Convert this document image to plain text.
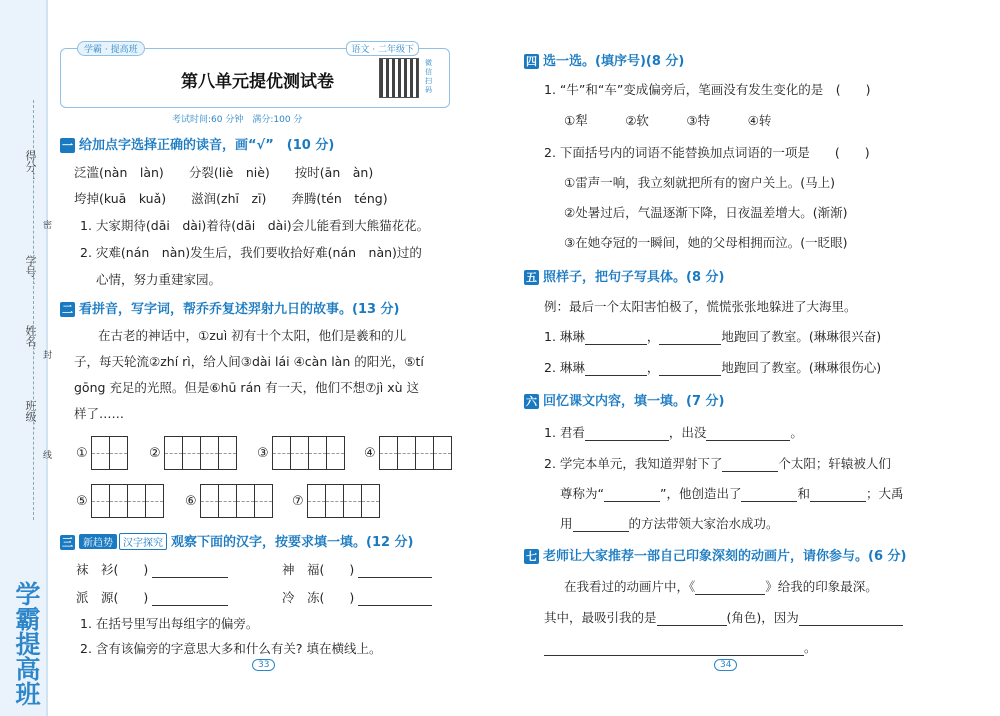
得分：
学号：
姓名：
班级：
密
封
线
学霸提高班
学霸 · 提高班	语文 · 二年级下
第八单元提优测试卷
微信扫码
考试时间:60 分钟　满分:100 分
一 给加点字选择正确的读音，画“√”　(10 分)
泛滥(nàn　làn)　　分裂(liè　niè)　　按时(ān　àn)
垮掉(kuā　kuǎ)　　滋润(zhī　zī)　　奔腾(tén　téng)
1. 大家期待(dāi　dài)着待(dāi　dài)会儿能看到大熊猫花花。
2. 灾难(nán　nàn)发生后，我们要收拾好难(nán　nàn)过的
心情，努力重建家园。
二 看拼音，写字词，帮乔乔复述羿射九日的故事。(13 分)
在古老的神话中，①zuì 初有十个太阳，他们是羲和的儿
子，每天轮流②zhí rì，给人间③dài lái ④càn làn 的阳光，⑤tí
gōng 充足的光照。但是⑥hū rán 有一天，他们不想⑦jì xù 这
样了……
①	②	③	④
⑤	⑥	⑦
三 新趋势 汉字探究 观察下面的汉字，按要求填一填。(12 分)
袜　衫(　　)	神　福(　　)
派　源(　　)	冷　冻(　　)
1. 在括号里写出每组字的偏旁。
2. 含有该偏旁的字意思大多和什么有关? 填在横线上。
33
四 选一选。(填序号)(8 分)
1. “牛”和“车”变成偏旁后，笔画没有发生变化的是　(　　)
①犁　　　②软　　　③特　　　④转
2. 下面括号内的词语不能替换加点词语的一项是　　(　　)
①雷声一响，我立刻就把所有的窗户关上。(马上)
②处暑过后，气温逐渐下降，日夜温差增大。(渐渐)
③在她夺冠的一瞬间，她的父母相拥而泣。(一眨眼)
五 照样子，把句子写具体。(8 分)
例：最后一个太阳害怕极了，慌慌张张地躲进了大海里。
1. 琳琳	，	地跑回了教室。(琳琳很兴奋)
2. 琳琳	，	地跑回了教室。(琳琳很伤心)
六 回忆课文内容，填一填。(7 分)
1. 君看	，出没	。
2. 学完本单元，我知道羿射下了	个太阳；轩辕被人们
尊称为“	”，他创造出了	和	；大禹
用	的方法带领大家治水成功。
七 老师让大家推荐一部自己印象深刻的动画片，请你参与。(6 分)
在我看过的动画片中，《	》给我的印象最深。
其中，最吸引我的是	(角色)，因为
。
34
